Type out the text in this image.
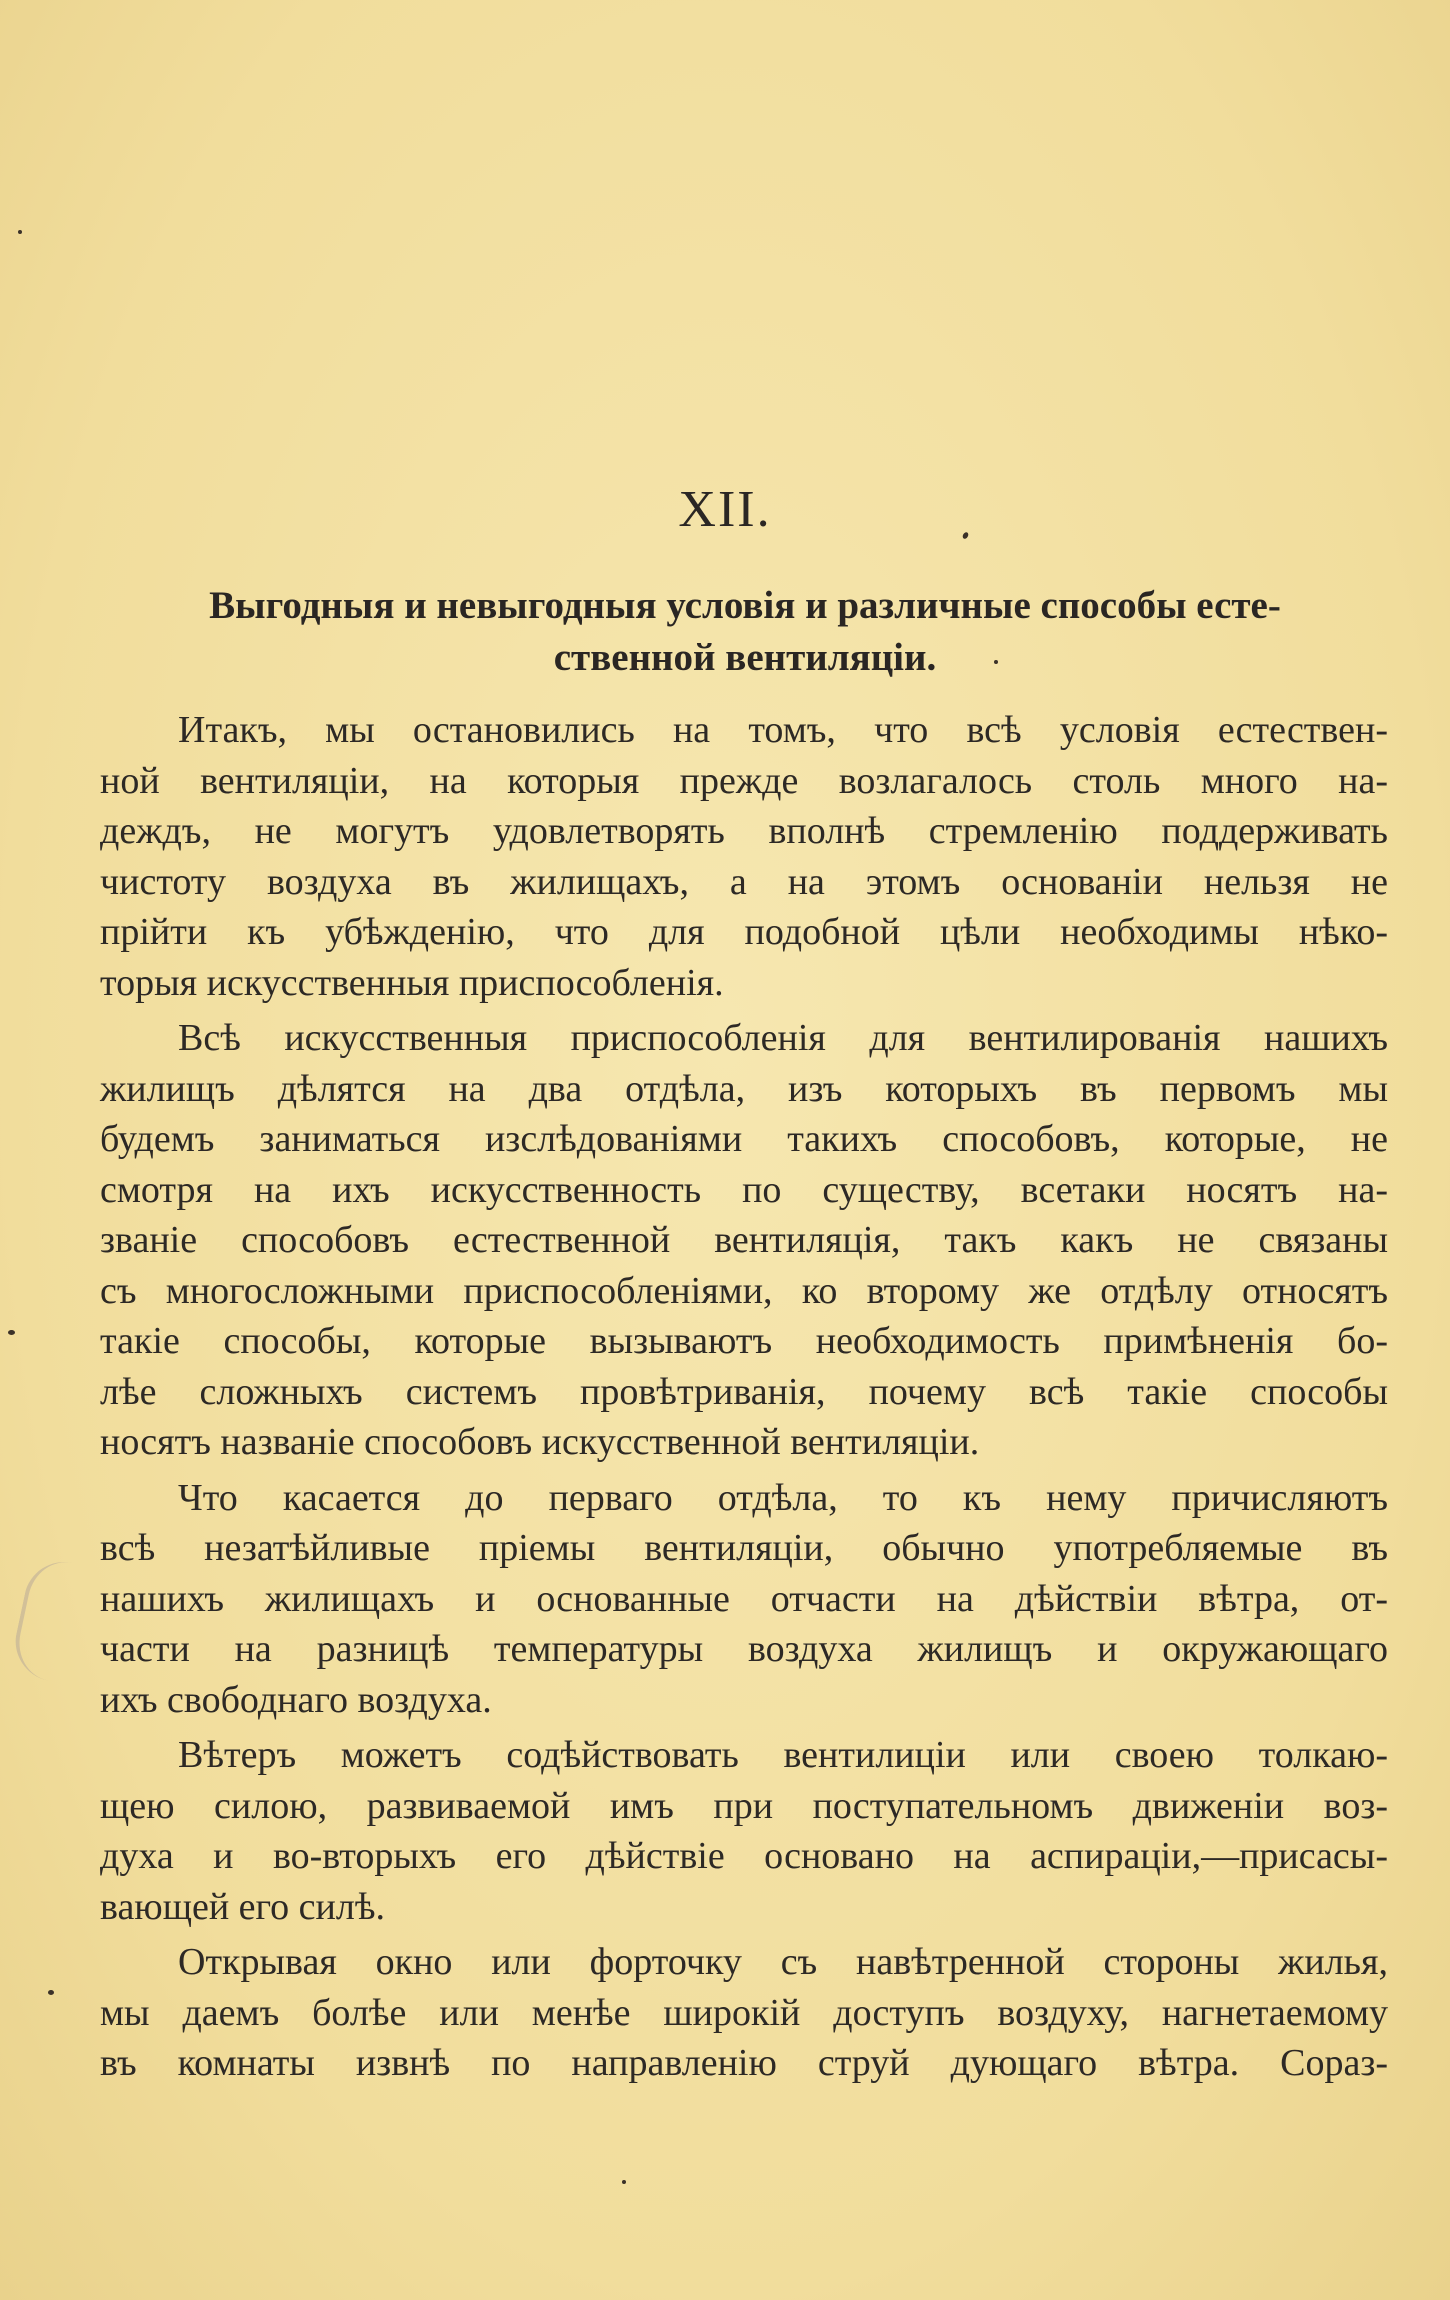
XII.
Выгодныя и невыгодныя условія и различные способы есте-
ственной вентиляціи.
Итакъ, мы остановились на томъ, что всѣ условія естествен-
ной вентиляціи, на которыя прежде возлагалось столь много на-
деждъ, не могутъ удовлетворять вполнѣ стремленію поддерживать
чистоту воздуха въ жилищахъ, а на этомъ основаніи нельзя не
прійти къ убѣжденію, что для подобной цѣли необходимы нѣко-
торыя искусственныя приспособленія.
Всѣ искусственныя приспособленія для вентилированія нашихъ
жилищъ дѣлятся на два отдѣла, изъ которыхъ въ первомъ мы
будемъ заниматься изслѣдованіями такихъ способовъ, которые, не
смотря на ихъ искусственность по существу, всетаки носятъ на-
званіе способовъ естественной вентиляція, такъ какъ не связаны
съ многосложными приспособленіями, ко второму же отдѣлу относятъ
такіе способы, которые вызываютъ необходимость примѣненія бо-
лѣе сложныхъ системъ провѣтриванія, почему всѣ такіе способы
носятъ названіе способовъ искусственной вентиляціи.
Что касается до перваго отдѣла, то къ нему причисляютъ
всѣ незатѣйливые пріемы вентиляціи, обычно употребляемые въ
нашихъ жилищахъ и основанные отчасти на дѣйствіи вѣтра, от-
части на разницѣ температуры воздуха жилищъ и окружающаго
ихъ свободнаго воздуха.
Вѣтеръ можетъ содѣйствовать вентилиціи или своею толкаю-
щею силою, развиваемой имъ при поступательномъ движеніи воз-
духа и во-вторыхъ его дѣйствіе основано на аспираціи,—присасы-
вающей его силѣ.
Открывая окно или форточку съ навѣтренной стороны жилья,
мы даемъ болѣе или менѣе широкій доступъ воздуху, нагнетаемому
въ комнаты извнѣ по направленію струй дующаго вѣтра. Сораз-
